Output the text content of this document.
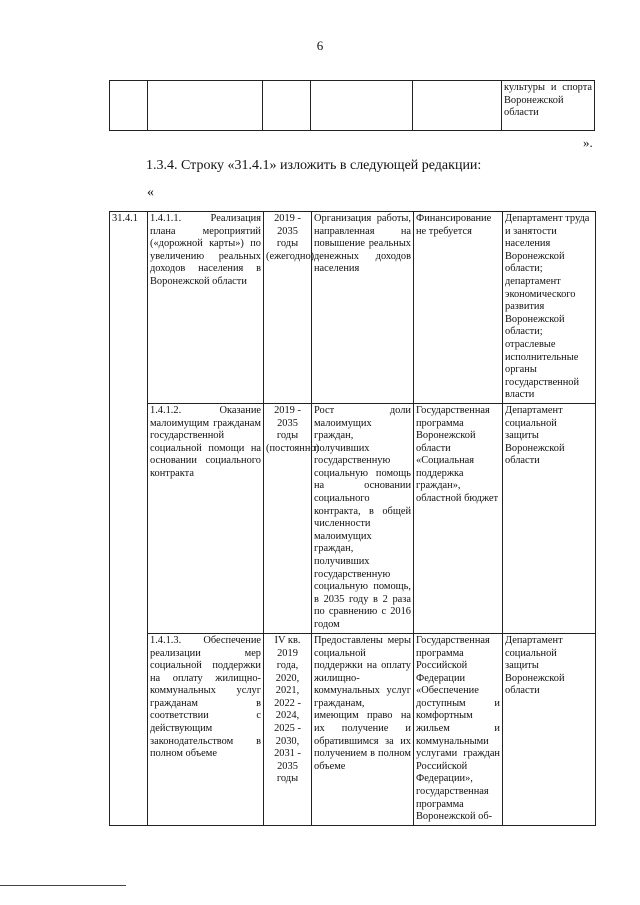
6
					культуры и спорта Воронежской области
».
1.3.4. Строку «31.4.1» изложить в следующей редакции:
«
31.4.1	1.4.1.1. Реализация плана мероприятий («дорожной карты») по увеличению реальных доходов населения в Воронежской области	2019 - 2035 годы (ежегодно)	Организация работы, направленная на повышение реальных денежных доходов населения	Финансирование не требуется	Департамент труда и занятости населения Воронежской области; департамент экономического развития Воронежской области; отраслевые исполнительные органы государственной власти
	1.4.1.2. Оказание малоимущим гражданам государственной социальной помощи на основании социального контракта	2019 - 2035 годы (постоянно)	Рост доли малоимущих граждан, получивших государственную социальную помощь на основании социального контракта, в общей численности малоимущих граждан, получивших государственную социальную помощь, в 2035 году в 2 раза по сравнению с 2016 годом	Государственная программа Воронежской области «Социальная поддержка граждан», областной бюджет	Департамент социальной защиты Воронежской области
	1.4.1.3. Обеспечение реализации мер социальной поддержки на оплату жилищно-коммунальных услуг гражданам в соответствии с действующим законодательством в полном объеме	IV кв. 2019 года, 2020, 2021, 2022 - 2024, 2025 - 2030, 2031 - 2035 годы	Предоставлены меры социальной поддержки на оплату жилищно-коммунальных услуг гражданам, имеющим право на их получение и обратившимся за их получением в полном объеме	Государственная программа Российской Федерации «Обеспечение доступным и комфортным жильем и коммунальными услугами граждан Российской Федерации», государственная программа Воронежской об-	Департамент социальной защиты Воронежской области
